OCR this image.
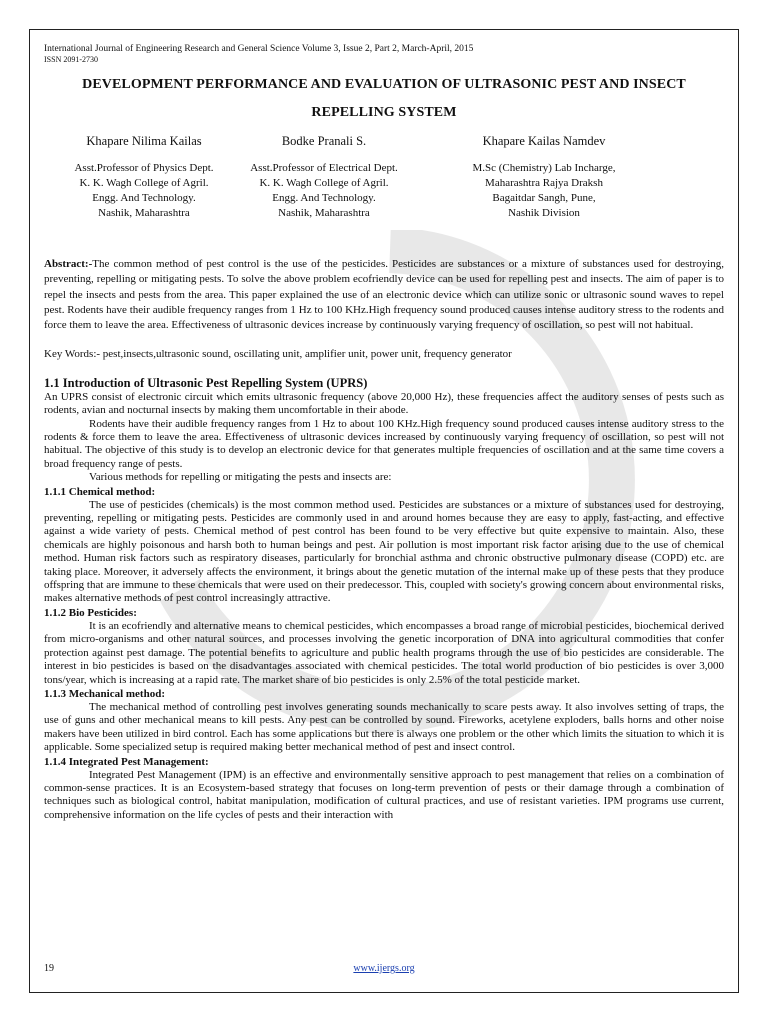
International Journal of Engineering Research and General Science Volume 3, Issue 2, Part 2, March-April, 2015
ISSN 2091-2730
DEVELOPMENT PERFORMANCE AND EVALUATION OF ULTRASONIC PEST AND INSECT
REPELLING SYSTEM
Khapare Nilima Kailas
Asst.Professor of Physics Dept.
K. K. Wagh College of Agril.
Engg. And Technology.
Nashik, Maharashtra
Bodke Pranali S.
Asst.Professor of Electrical Dept.
K. K. Wagh College of Agril.
Engg. And Technology.
Nashik, Maharashtra
Khapare Kailas Namdev
M.Sc (Chemistry) Lab Incharge,
Maharashtra Rajya Draksh
Bagaitdar Sangh, Pune,
Nashik Division

Abstract:-The common method of pest control is the use of the pesticides. Pesticides are substances or a mixture of substances used for destroying, preventing, repelling or mitigating pests. To solve the above problem ecofriendly device can be used for repelling pest and insects. The aim of paper is to repel the insects and pests from the area. This paper explained the use of an electronic device which can utilize sonic or ultrasonic sound waves to repel pest. Rodents have their audible frequency ranges from 1 Hz to 100 KHz.High frequency sound produced causes intense auditory stress to the rodents and force them to leave the area. Effectiveness of ultrasonic devices increase by continuously varying frequency of oscillation, so pest will not habitual.

Key Words:- pest,insects,ultrasonic sound, oscillating unit, amplifier unit, power unit, frequency generator

1.1 Introduction of Ultrasonic Pest Repelling System (UPRS)

An UPRS consist of electronic circuit which emits ultrasonic frequency (above 20,000 Hz), these frequencies affect the auditory senses of pests such as rodents, avian and nocturnal insects by making them uncomfortable in their abode.

Rodents have their audible frequency ranges from 1 Hz to about 100 KHz.High frequency sound produced causes intense auditory stress to the rodents & force them to leave the area. Effectiveness of ultrasonic devices increased by continuously varying frequency of oscillation, so pest will not habitual. The objective of this study is to develop an electronic device for that generates multiple frequencies of oscillation and at the same time covers a broad frequency range of pests.

Various methods for repelling or mitigating the pests and insects are:

1.1.1 Chemical method:

The use of pesticides (chemicals) is the most common method used. Pesticides are substances or a mixture of substances used for destroying, preventing, repelling or mitigating pests. Pesticides are commonly used in and around homes because they are easy to apply, fast-acting, and effective against a wide variety of pests. Chemical method of pest control has been found to be very effective but quite expensive to maintain. Also, these chemicals are highly poisonous and harsh both to human beings and pest. Air pollution is most important risk factor arising due to the use of chemical method. Human risk factors such as respiratory diseases, particularly for bronchial asthma and chronic obstructive pulmonary disease (COPD) etc. are taking place. Moreover, it adversely affects the environment, it brings about the genetic mutation of the internal make up of these pests that they produce offspring that are immune to these chemicals that were used on their predecessor. This, coupled with society's growing concern about environmental risks, makes alternative methods of pest control increasingly attractive.

1.1.2 Bio Pesticides:

It is an ecofriendly and alternative means to chemical pesticides, which encompasses a broad range of microbial pesticides, biochemical derived from micro-organisms and other natural sources, and processes involving the genetic incorporation of DNA into agricultural commodities that confer protection against pest damage. The potential benefits to agriculture and public health programs through the use of bio pesticides are considerable. The interest in bio pesticides is based on the disadvantages associated with chemical pesticides. The total world production of bio pesticides is over 3,000 tons/year, which is increasing at a rapid rate. The market share of bio pesticides is only 2.5% of the total pesticide market.

1.1.3 Mechanical method:

The mechanical method of controlling pest involves generating sounds mechanically to scare pests away. It also involves setting of traps, the use of guns and other mechanical means to kill pests. Any pest can be controlled by sound. Fireworks, acetylene exploders, balls horns and other noise makers have been utilized in bird control. Each has some applications but there is always one problem or the other which limits the situation to which it is applicable. Some specialized setup is required making better mechanical method of pest and insect control.

1.1.4 Integrated Pest Management:

Integrated Pest Management (IPM) is an effective and environmentally sensitive approach to pest management that relies on a combination of common-sense practices. It is an Ecosystem-based strategy that focuses on long-term prevention of pests or their damage through a combination of techniques such as biological control, habitat manipulation, modification of cultural practices, and use of resistant varieties. IPM programs use current, comprehensive information on the life cycles of pests and their interaction with

19	www.ijergs.org
